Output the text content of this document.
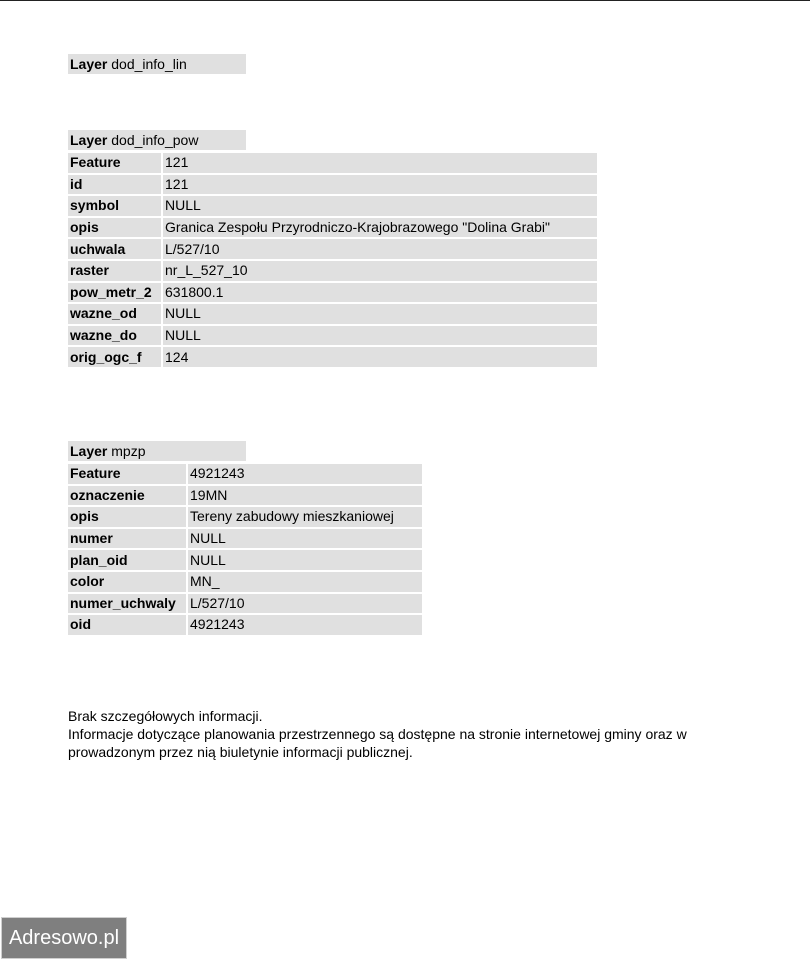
Layer dod_info_lin
Layer dod_info_pow
Feature		121
id		121
symbol		NULL
opis		Granica Zespołu Przyrodniczo-Krajobrazowego "Dolina Grabi"
uchwala		L/527/10
raster		nr_L_527_10
pow_metr_2		631800.1
wazne_od		NULL
wazne_do		NULL
orig_ogc_f		124
Layer mpzp
Feature		4921243
oznaczenie		19MN
opis		Tereny zabudowy mieszkaniowej
numer		NULL
plan_oid		NULL
color		MN_
numer_uchwaly		L/527/10
oid		4921243
Brak szczegółowych informacji.
Informacje dotyczące planowania przestrzennego są dostępne na stronie internetowej gminy oraz w
prowadzonym przez nią biuletynie informacji publicznej.
Adresowo.pl
